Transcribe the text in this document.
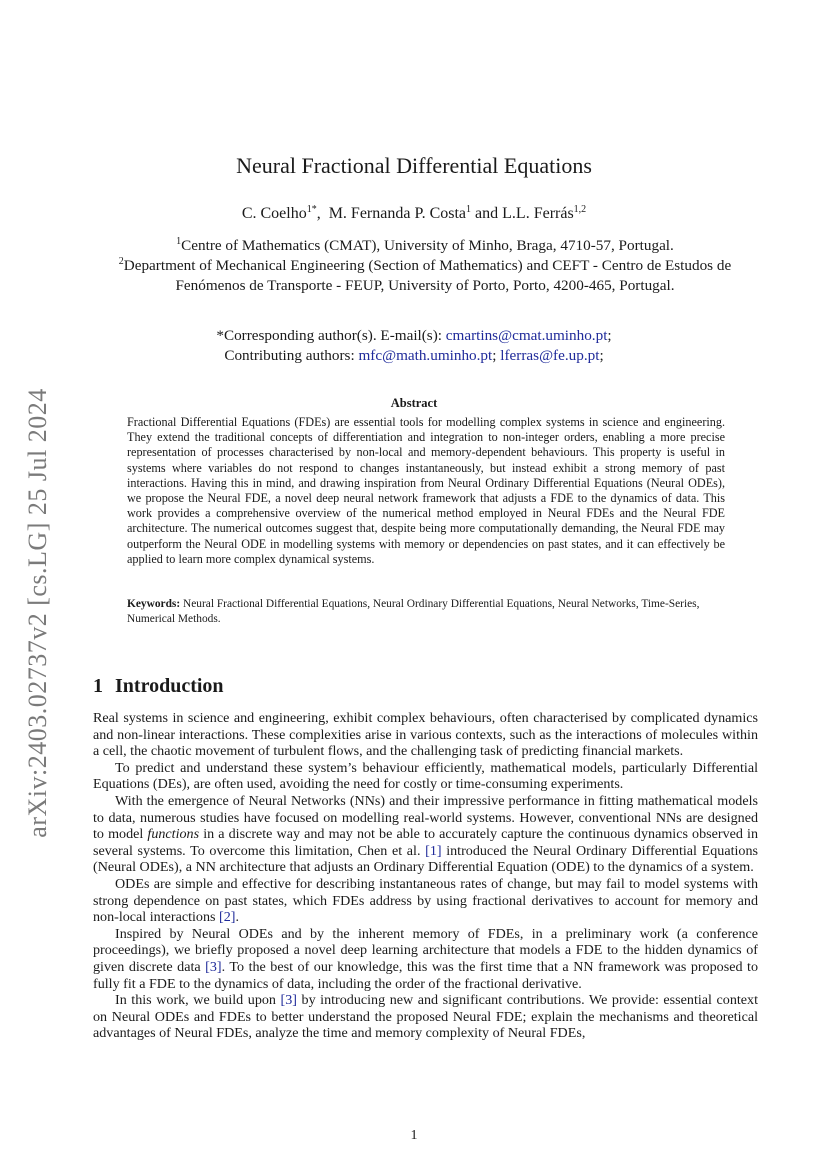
arXiv:2403.02737v2 [cs.LG] 25 Jul 2024
Neural Fractional Differential Equations
C. Coelho$^{1*}$,  M. Fernanda P. Costa$^1$ and L.L. Ferrás$^{1,2}$
$^1$Centre of Mathematics (CMAT), University of Minho, Braga, 4710-57, Portugal.
$^2$Department of Mechanical Engineering (Section of Mathematics) and CEFT - Centro de Estudos de Fenómenos de Transporte - FEUP, University of Porto, Porto, 4200-465, Portugal.
*Corresponding author(s). E-mail(s): cmartins@cmat.uminho.pt;
Contributing authors: mfc@math.uminho.pt; lferras@fe.up.pt;
Abstract
Fractional Differential Equations (FDEs) are essential tools for modelling complex systems in science and engineering. They extend the traditional concepts of differentiation and integration to non-integer orders, enabling a more precise representation of processes characterised by non-local and memory-dependent behaviours. This property is useful in systems where variables do not respond to changes instantaneously, but instead exhibit a strong memory of past interactions. Having this in mind, and drawing inspiration from Neural Ordinary Differential Equations (Neural ODEs), we propose the Neural FDE, a novel deep neural network framework that adjusts a FDE to the dynamics of data. This work provides a comprehensive overview of the numerical method employed in Neural FDEs and the Neural FDE architecture. The numerical outcomes suggest that, despite being more computationally demanding, the Neural FDE may outperform the Neural ODE in modelling systems with memory or dependencies on past states, and it can effectively be applied to learn more complex dynamical systems.
Keywords: Neural Fractional Differential Equations, Neural Ordinary Differential Equations, Neural Networks, Time-Series, Numerical Methods.
1 Introduction

Real systems in science and engineering, exhibit complex behaviours, often characterised by complicated dynamics and non-linear interactions. These complexities arise in various contexts, such as the interactions of molecules within a cell, the chaotic movement of turbulent flows, and the challenging task of predicting financial markets.

To predict and understand these system’s behaviour efficiently, mathematical models, particularly Differential Equations (DEs), are often used, avoiding the need for costly or time-consuming experiments.

With the emergence of Neural Networks (NNs) and their impressive performance in fitting mathematical models to data, numerous studies have focused on modelling real-world systems. However, conventional NNs are designed to model functions in a discrete way and may not be able to accurately capture the continuous dynamics observed in several systems. To overcome this limitation, Chen et al. [1] introduced the Neural Ordinary Differential Equations (Neural ODEs), a NN architecture that adjusts an Ordinary Differential Equation (ODE) to the dynamics of a system.

ODEs are simple and effective for describing instantaneous rates of change, but may fail to model systems with strong dependence on past states, which FDEs address by using fractional derivatives to account for memory and non-local interactions [2].

Inspired by Neural ODEs and by the inherent memory of FDEs, in a preliminary work (a conference proceedings), we briefly proposed a novel deep learning architecture that models a FDE to the hidden dynamics of given discrete data [3]. To the best of our knowledge, this was the first time that a NN framework was proposed to fully fit a FDE to the dynamics of data, including the order of the fractional derivative.

In this work, we build upon [3] by introducing new and significant contributions. We provide: essential context on Neural ODEs and FDEs to better understand the proposed Neural FDE; explain the mechanisms and theoretical advantages of Neural FDEs, analyze the time and memory complexity of Neural FDEs,

1
